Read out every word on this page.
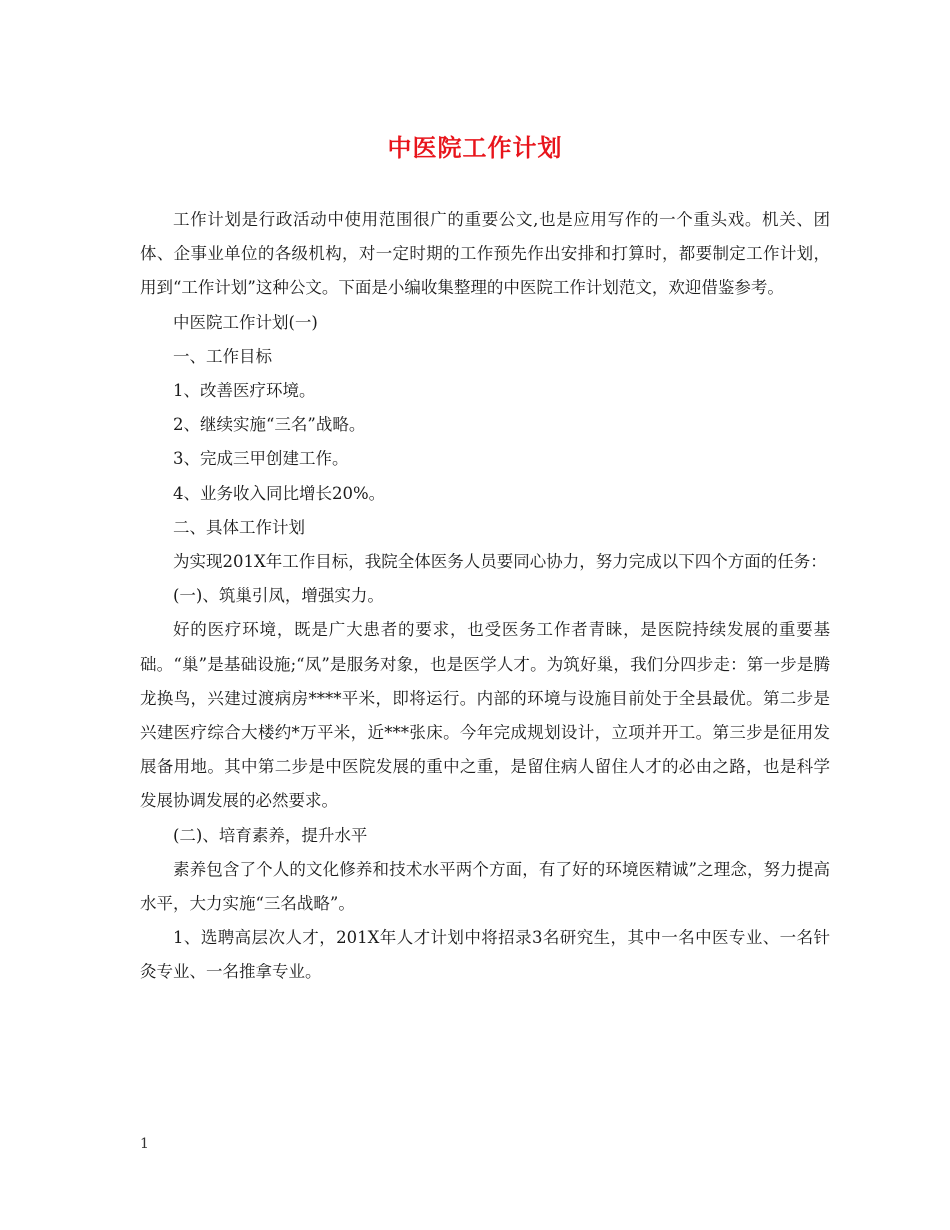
中医院工作计划

工作计划是行政活动中使用范围很广的重要公文,也是应用写作的一个重头戏。机关、团体、企事业单位的各级机构，对一定时期的工作预先作出安排和打算时，都要制定工作计划，用到“工作计划”这种公文。下面是小编收集整理的中医院工作计划范文，欢迎借鉴参考。

中医院工作计划(一)

一、工作目标

1、改善医疗环境。

2、继续实施“三名”战略。

3、完成三甲创建工作。

4、业务收入同比增长20%。

二、具体工作计划

为实现201X年工作目标，我院全体医务人员要同心协力，努力完成以下四个方面的任务：

(一)、筑巢引凤，增强实力。

好的医疗环境，既是广大患者的要求，也受医务工作者青睐，是医院持续发展的重要基础。“巢”是基础设施;“凤”是服务对象，也是医学人才。为筑好巢，我们分四步走：第一步是腾龙换鸟，兴建过渡病房****平米，即将运行。内部的环境与设施目前处于全县最优。第二步是兴建医疗综合大楼约*万平米，近***张床。今年完成规划设计，立项并开工。第三步是征用发展备用地。其中第二步是中医院发展的重中之重，是留住病人留住人才的必由之路，也是科学发展协调发展的必然要求。

(二)、培育素养，提升水平

素养包含了个人的文化修养和技术水平两个方面，有了好的环境医精诚”之理念，努力提高水平，大力实施“三名战略”。

1、选聘高层次人才，201X年人才计划中将招录3名研究生，其中一名中医专业、一名针灸专业、一名推拿专业。

1
